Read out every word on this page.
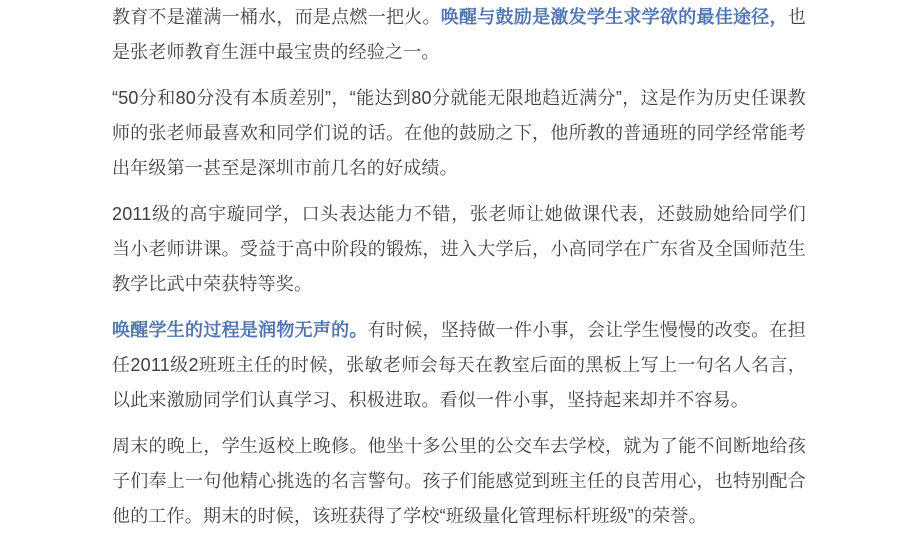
教育不是灌满一桶水，而是点燃一把火。唤醒与鼓励是激发学生求学欲的最佳途径，也是张老师教育生涯中最宝贵的经验之一。

“50分和80分没有本质差别”，“能达到80分就能无限地趋近满分”，这是作为历史任课教师的张老师最喜欢和同学们说的话。在他的鼓励之下，他所教的普通班的同学经常能考出年级第一甚至是深圳市前几名的好成绩。

2011级的高宇璇同学，口头表达能力不错，张老师让她做课代表，还鼓励她给同学们当小老师讲课。受益于高中阶段的锻炼，进入大学后，小高同学在广东省及全国师范生教学比武中荣获特等奖。

唤醒学生的过程是润物无声的。有时候，坚持做一件小事，会让学生慢慢的改变。在担任2011级2班班主任的时候，张敏老师会每天在教室后面的黑板上写上一句名人名言，以此来激励同学们认真学习、积极进取。看似一件小事，坚持起来却并不容易。

周末的晚上，学生返校上晚修。他坐十多公里的公交车去学校，就为了能不间断地给孩子们奉上一句他精心挑选的名言警句。孩子们能感觉到班主任的良苦用心，也特别配合他的工作。期末的时候，该班获得了学校“班级量化管理标杆班级”的荣誉。
